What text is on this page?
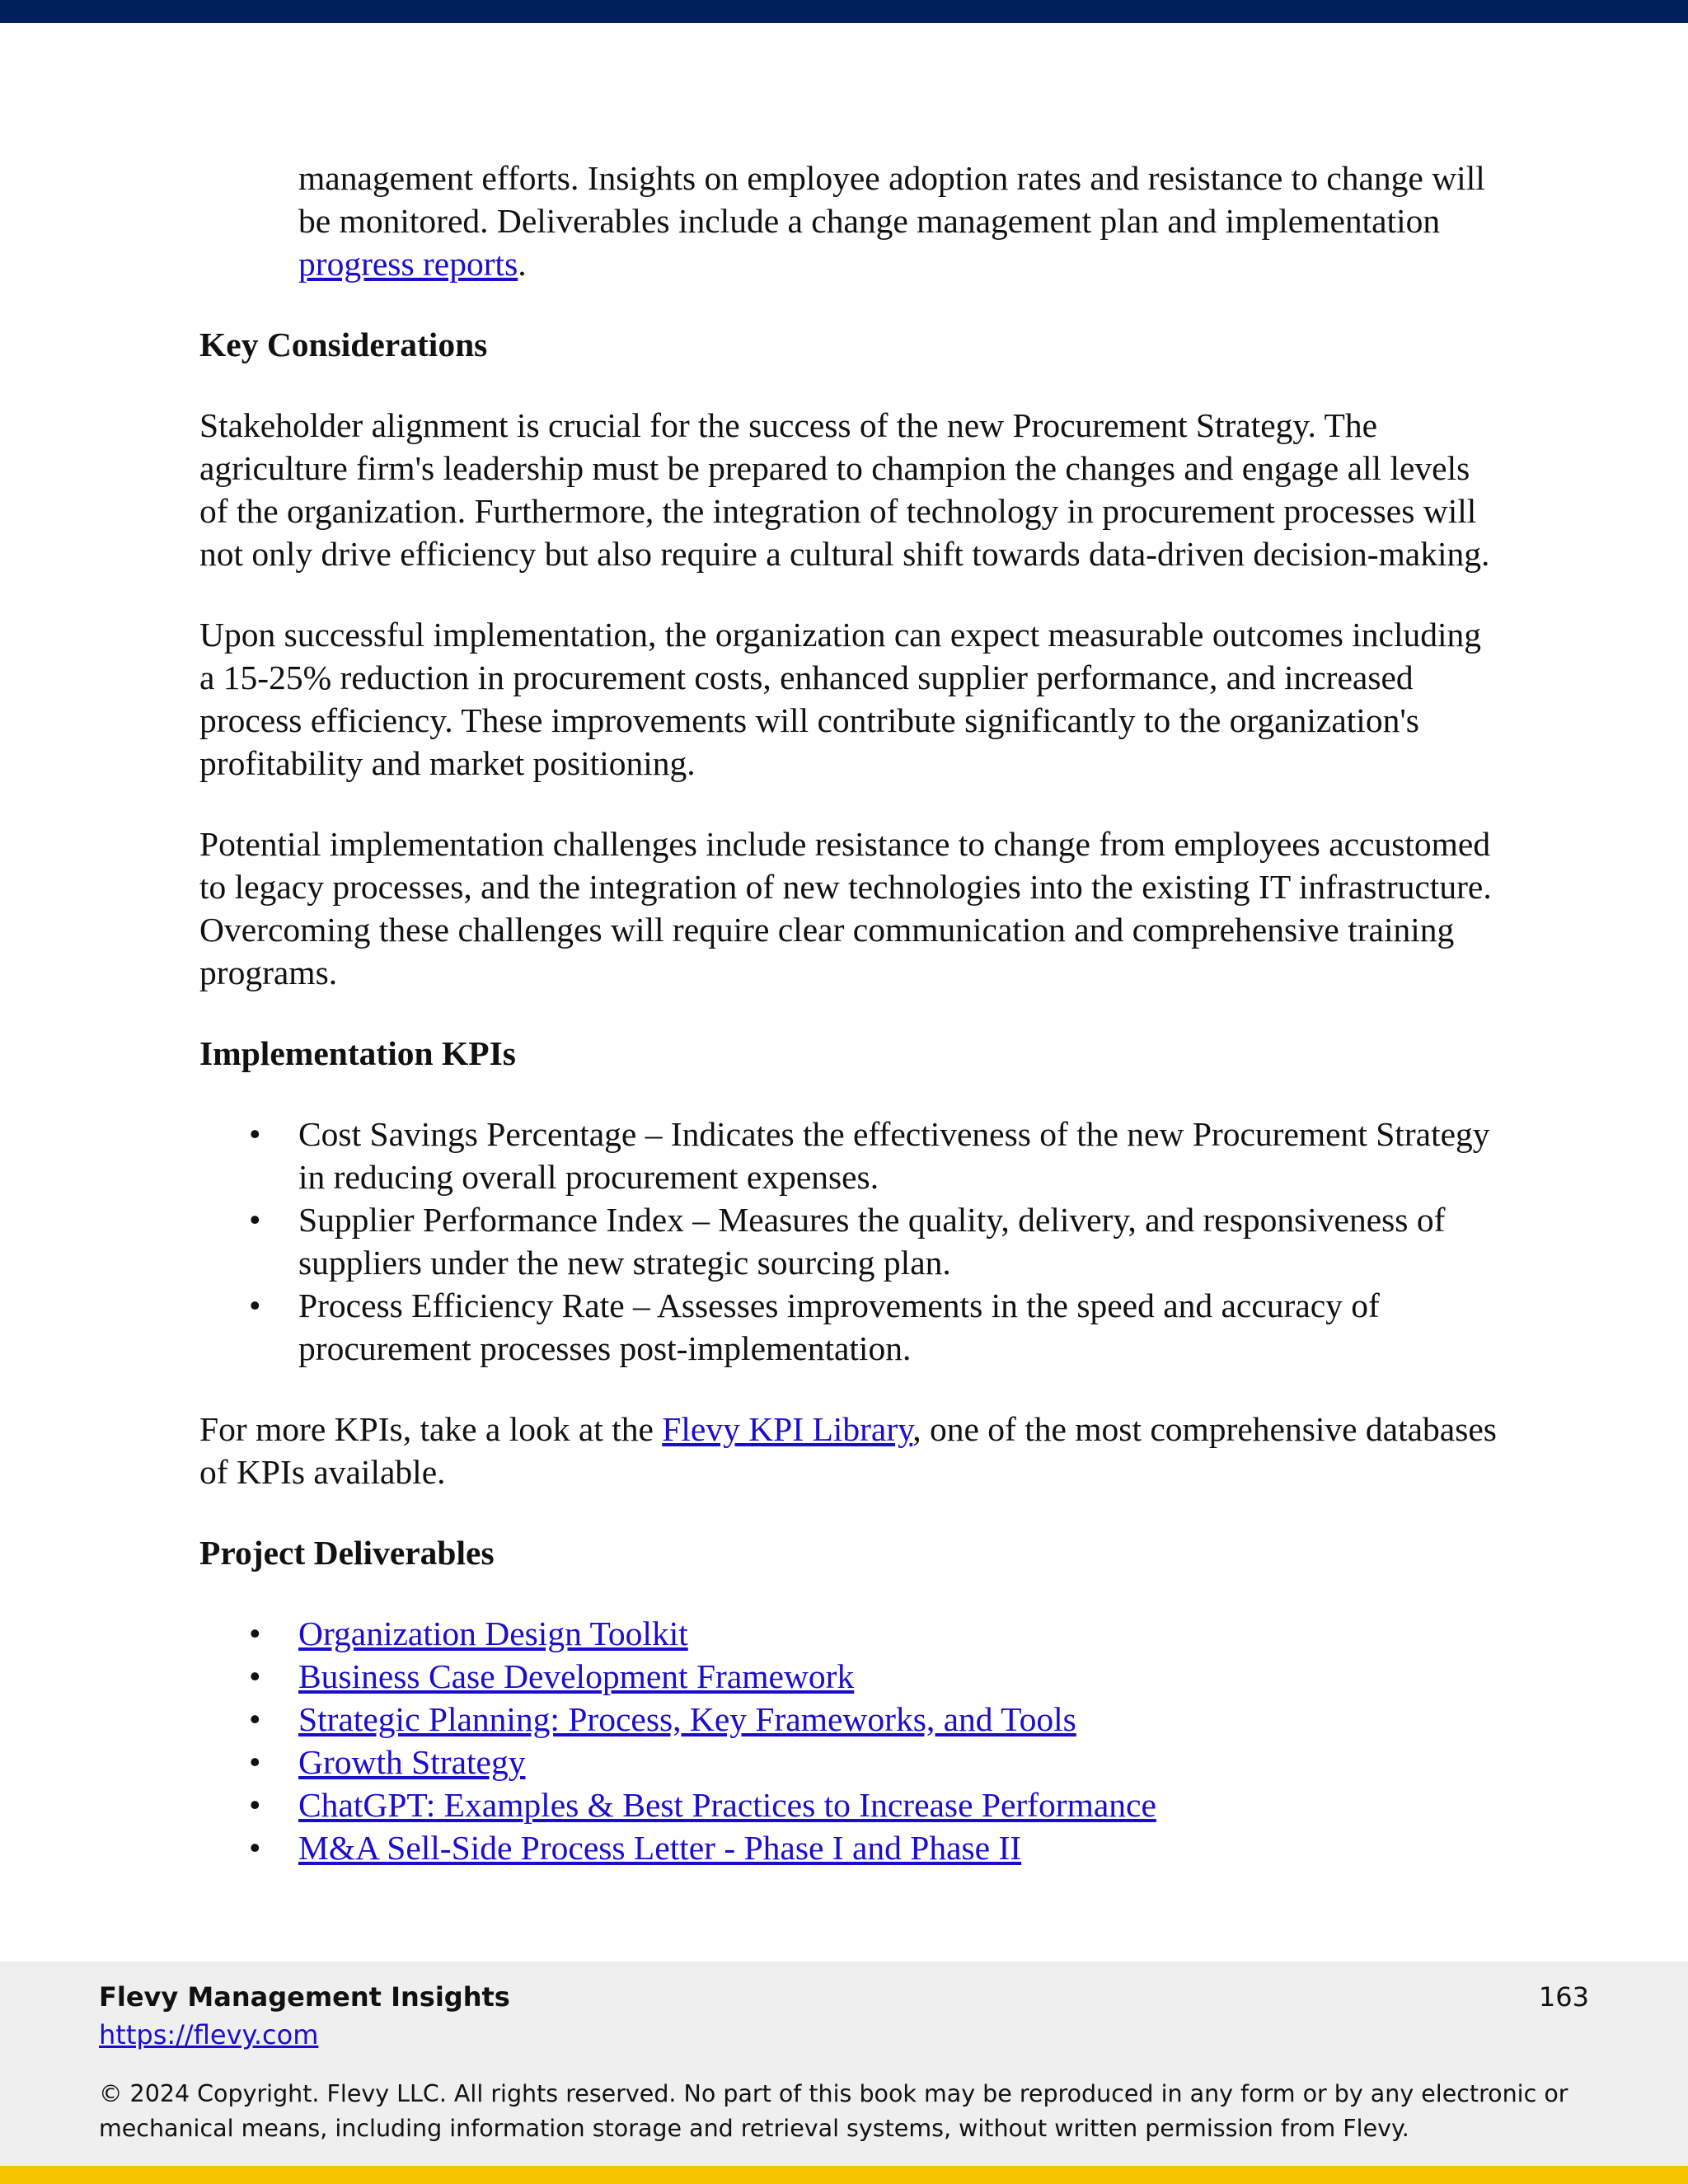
management efforts. Insights on employee adoption rates and resistance to change will be monitored. Deliverables include a change management plan and implementation progress reports.

Key Considerations

Stakeholder alignment is crucial for the success of the new Procurement Strategy. The agriculture firm's leadership must be prepared to champion the changes and engage all levels of the organization. Furthermore, the integration of technology in procurement processes will not only drive efficiency but also require a cultural shift towards data-driven decision-making.

Upon successful implementation, the organization can expect measurable outcomes including a 15-25% reduction in procurement costs, enhanced supplier performance, and increased process efficiency. These improvements will contribute significantly to the organization's profitability and market positioning.

Potential implementation challenges include resistance to change from employees accustomed to legacy processes, and the integration of new technologies into the existing IT infrastructure. Overcoming these challenges will require clear communication and comprehensive training programs.

Implementation KPIs
• Cost Savings Percentage – Indicates the effectiveness of the new Procurement Strategy in reducing overall procurement expenses.
• Supplier Performance Index – Measures the quality, delivery, and responsiveness of suppliers under the new strategic sourcing plan.
• Process Efficiency Rate – Assesses improvements in the speed and accuracy of procurement processes post-implementation.

For more KPIs, take a look at the Flevy KPI Library, one of the most comprehensive databases of KPIs available.

Project Deliverables
• Organization Design Toolkit
• Business Case Development Framework
• Strategic Planning: Process, Key Frameworks, and Tools
• Growth Strategy
• ChatGPT: Examples & Best Practices to Increase Performance
• M&A Sell-Side Process Letter - Phase I and Phase II
Flevy Management Insights
https://flevy.com
163
© 2024 Copyright. Flevy LLC. All rights reserved. No part of this book may be reproduced in any form or by any electronic or mechanical means, including information storage and retrieval systems, without written permission from Flevy.
